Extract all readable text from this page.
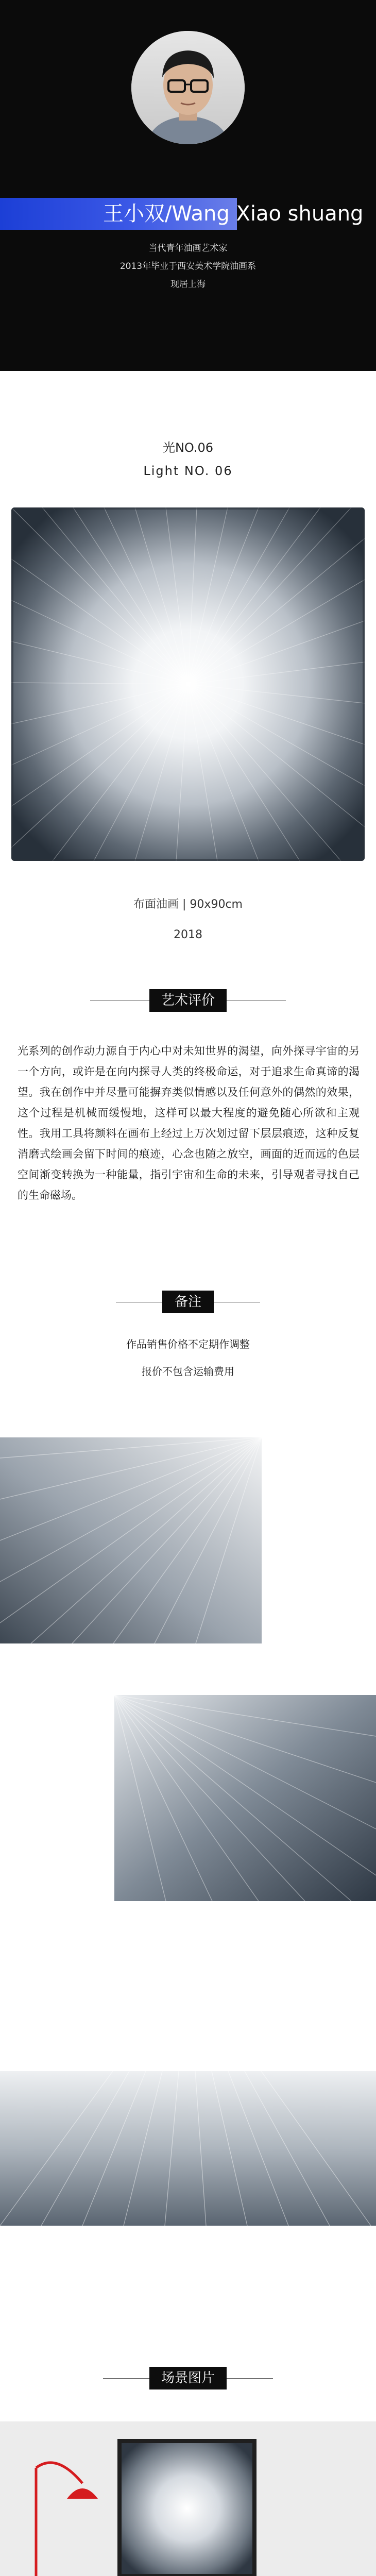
王小双/Wang Xiao shuang
当代青年油画艺术家
2013年毕业于西安美术学院油画系
现居上海
光NO.06
Light NO. 06
布面油画 | 90x90cm
2018
艺术评价
光系列的创作动力源自于内心中对未知世界的渴望，向外探寻宇宙的另一个方向，或许是在向内探寻人类的终极命运，对于追求生命真谛的渴望。我在创作中并尽量可能摒弃类似情感以及任何意外的偶然的效果，这个过程是机械而缓慢地，这样可以最大程度的避免随心所欲和主观性。我用工具将颜料在画布上经过上万次划过留下层层痕迹，这种反复消磨式绘画会留下时间的痕迹，心念也随之放空，画面的近而远的色层空间渐变转换为一种能量，指引宇宙和生命的未来，引导观者寻找自己的生命磁场。
备注
作品销售价格不定期作调整
报价不包含运输费用
场景图片
